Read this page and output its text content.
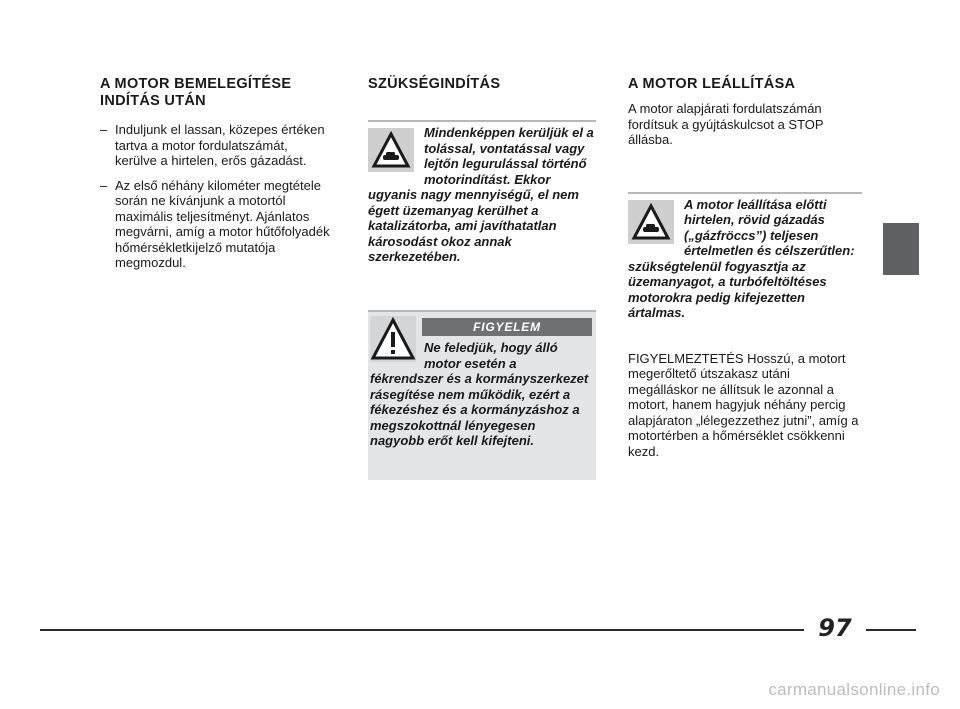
A MOTOR BEMELEGÍTÉSE INDÍTÁS UTÁN
– Induljunk el lassan, közepes értéken tartva a motor fordulatszámát, kerülve a hirtelen, erős gázadást.
– Az első néhány kilométer megtétele során ne kívánjunk a motortól maximális teljesítményt. Ajánlatos megvárni, amíg a motor hűtőfolyadék hőmérsékletkijelző mutatója megmozdul.
SZÜKSÉGINDÍTÁS
Mindenképpen kerüljük el a tolással, vontatással vagy lejtőn legurulással történő motorindítást. Ekkor ugyanis nagy mennyiségű, el nem égett üzemanyag kerülhet a katalizátorba, ami javíthatatlan károsodást okoz annak szerkezetében.
FIGYELEM
Ne feledjük, hogy álló motor esetén a
fékrendszer és a kormányszerkezet rásegítése nem működik, ezért a fékezéshez és a kormányzáshoz a megszokottnál lényegesen nagyobb erőt kell kifejteni.
A MOTOR LEÁLLÍTÁSA

A motor alapjárati fordulatszámán fordítsuk a gyújtáskulcsot a STOP állásba.

A motor leállítása előtti hirtelen, rövid gázadás („gázfröccs”) teljesen értelmetlen és célszerűtlen: szükségtelenül fogyasztja az üzemanyagot, a turbófeltöltéses motorokra pedig kifejezetten ártalmas.

FIGYELMEZTETÉS Hosszú, a motort megerőltető útszakasz utáni megálláskor ne állítsuk le azonnal a motort, hanem hagyjuk néhány percig alapjáraton „lélegezzethez jutni”, amíg a motortérben a hőmérséklet csökkenni kezd.

97
carmanualsonline.info
